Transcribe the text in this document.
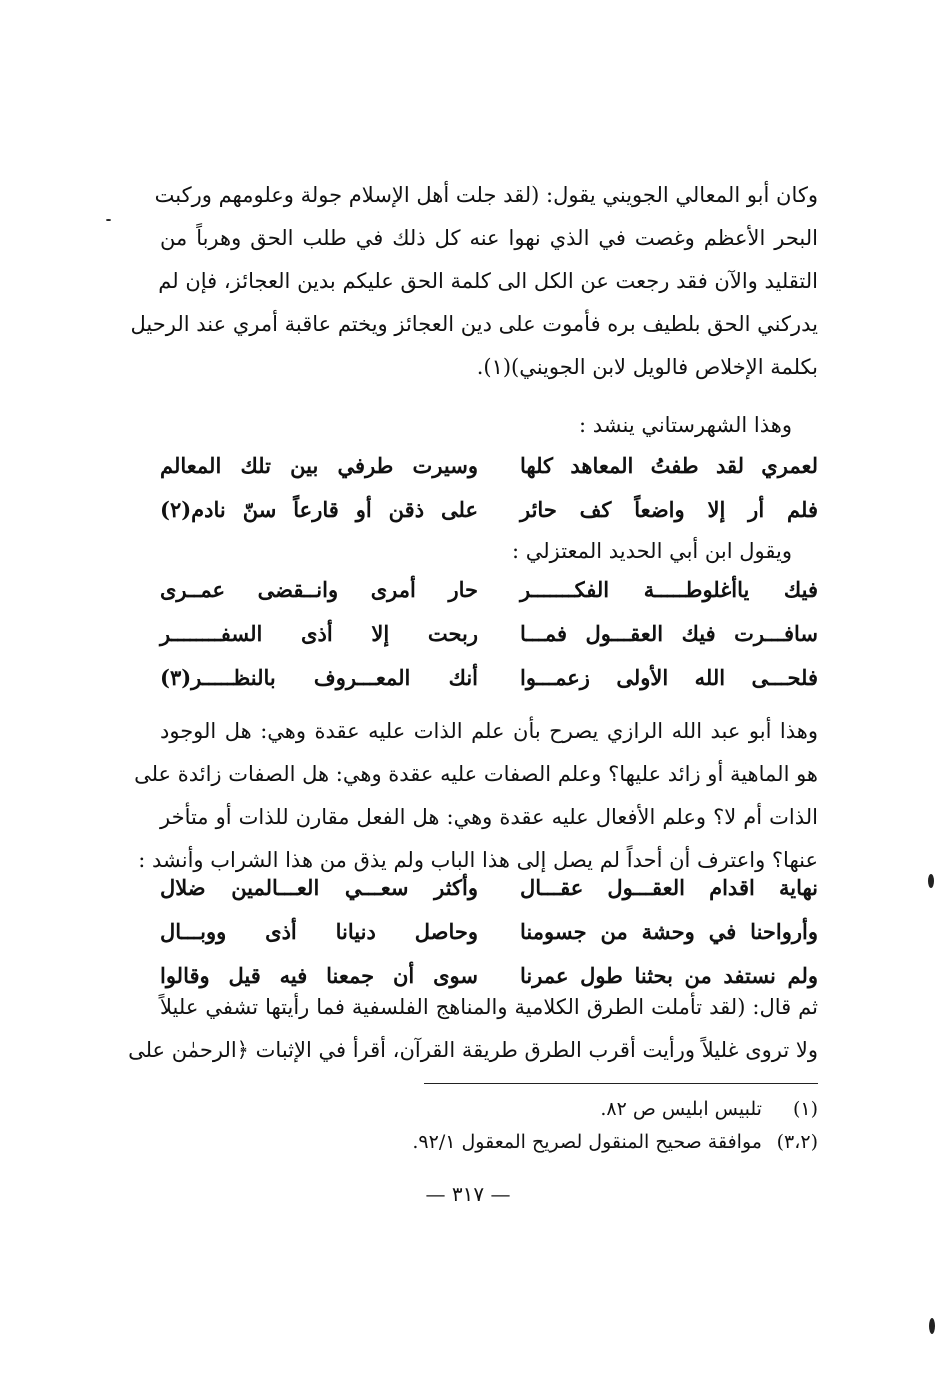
وكان أبو المعالي الجويني يقول: (لقد جلت أهل الإسلام جولة وعلومهم وركبت
البحر الأعظم وغصت في الذي نهوا عنه كل ذلك في طلب الحق وهرباً من
التقليد والآن فقد رجعت عن الكل الى كلمة الحق عليكم بدين العجائز، فإن لم
يدركني الحق بلطيف بره فأموت على دين العجائز ويختم عاقبة أمري عند الرحيل
بكلمة الإخلاص فالويل لابن الجويني)(١).
وهذا الشهرستاني ينشد :
لعمري لقد طفتُ المعاهد كلها
وسيرت طرفي بين تلك المعالم
فلم أر إلا واضعاً كف حائر
على ذقن أو قارعاً سنّ نادم(٢)
ويقول ابن أبي الحديد المعتزلي :
فيك ياأغلوطـــــة الفكـــــــر
حار أمرى وانــقضى عمــرى
سافـــرت فيك العقـــول فمـــا
ربحت إلا أذى السفــــــــر
فلحـــى الله الأولى زعمـــوا
أنك المعـــروف بالنظـــــر(٣)
وهذا أبو عبد الله الرازي يصرح بأن علم الذات عليه عقدة وهي: هل الوجود
هو الماهية أو زائد عليها؟ وعلم الصفات عليه عقدة وهي: هل الصفات زائدة على
الذات أم لا؟ وعلم الأفعال عليه عقدة وهي: هل الفعل مقارن للذات أو متأخر
عنها؟ واعترف أن أحداً لم يصل إلى هذا الباب ولم يذق من هذا الشراب وأنشد :
نهاية اقدام العقـــول عقـــال
وأكثر سعـــي العـــالمين ضلال
وأرواحنا في وحشة من جسومنا
وحاصل دنيانا أذى ووبـــال
ولم نستفد من بحثنا طول عمرنا
سوى أن جمعنا فيه قيل وقالوا
ثم قال: (لقد تأملت الطرق الكلامية والمناهج الفلسفية فما رأيتها تشفي عليلاً
ولا تروى غليلاً ورأيت أقرب الطرق طريقة القرآن، أقرأ في الإثبات ﴿الرحمٰن على
(١) تلبيس ابليس ص ٨٢.
(٣،٢) موافقة صحيح المنقول لصريح المعقول ٩٢/١.
— ٣١٧ —
